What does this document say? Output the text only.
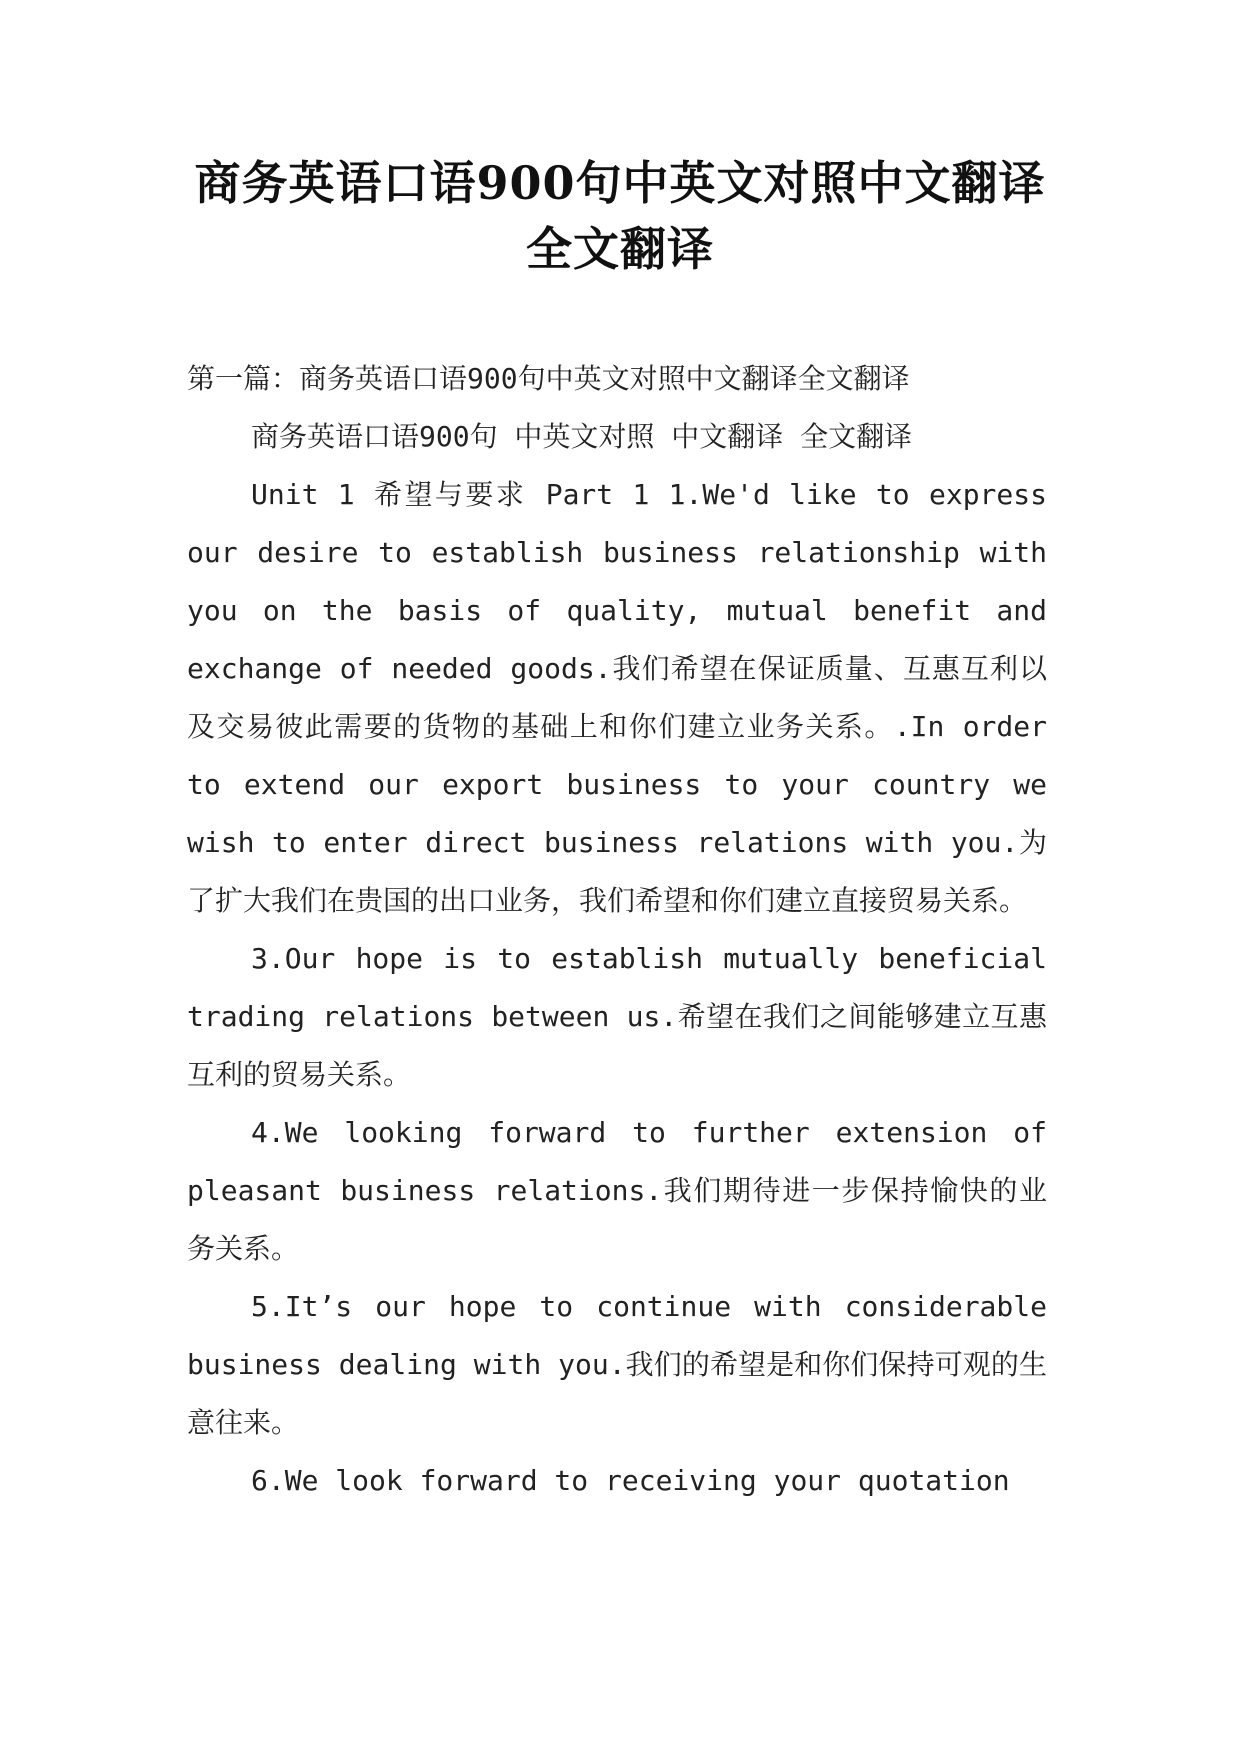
商务英语口语900句中英文对照中文翻译全文翻译

第一篇：商务英语口语900句中英文对照中文翻译全文翻译

商务英语口语900句 中英文对照 中文翻译 全文翻译

Unit 1 希望与要求 Part 1 1.We'd like to express our desire to establish business relationship with you on the basis of quality, mutual benefit and exchange of needed goods.我们希望在保证质量、互惠互利以及交易彼此需要的货物的基础上和你们建立业务关系。.In order to extend our export business to your country we wish to enter direct business relations with you.为了扩大我们在贵国的出口业务，我们希望和你们建立直接贸易关系。

3.Our hope is to establish mutually beneficial trading relations between us.希望在我们之间能够建立互惠互利的贸易关系。

4.We looking forward to further extension of pleasant business relations.我们期待进一步保持愉快的业务关系。

5.It’s our hope to continue with considerable business dealing with you.我们的希望是和你们保持可观的生意往来。

6.We look forward to receiving your quotation
